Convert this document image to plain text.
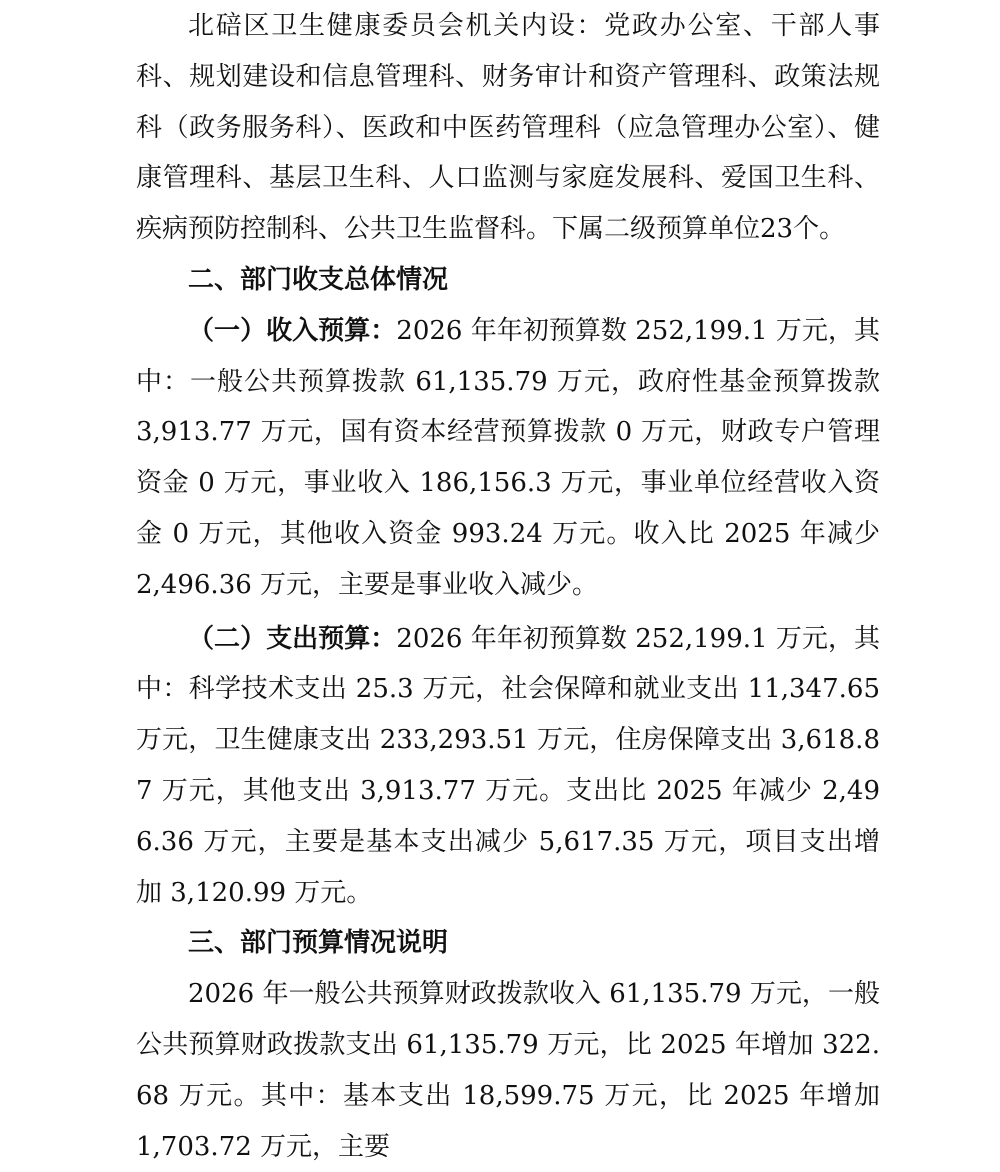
北碚区卫生健康委员会机关内设：党政办公室、干部人事科、规划建设和信息管理科、财务审计和资产管理科、政策法规科（政务服务科）、医政和中医药管理科（应急管理办公室）、健康管理科、基层卫生科、人口监测与家庭发展科、爱国卫生科、疾病预防控制科、公共卫生监督科。下属二级预算单位23个。

二、部门收支总体情况

（一）收入预算：2026 年年初预算数 252,199.1 万元，其中：一般公共预算拨款 61,135.79 万元，政府性基金预算拨款 3,913.77 万元，国有资本经营预算拨款 0 万元，财政专户管理资金 0 万元，事业收入 186,156.3 万元，事业单位经营收入资金 0 万元，其他收入资金 993.24 万元。收入比 2025 年减少 2,496.36 万元，主要是事业收入减少。

（二）支出预算：2026 年年初预算数 252,199.1 万元，其中：科学技术支出 25.3 万元，社会保障和就业支出 11,347.65 万元，卫生健康支出 233,293.51 万元，住房保障支出 3,618.87 万元，其他支出 3,913.77 万元。支出比 2025 年减少 2,496.36 万元，主要是基本支出减少 5,617.35 万元，项目支出增加 3,120.99 万元。

三、部门预算情况说明

2026 年一般公共预算财政拨款收入 61,135.79 万元，一般公共预算财政拨款支出 61,135.79 万元，比 2025 年增加 322.68 万元。其中：基本支出 18,599.75 万元，比 2025 年增加 1,703.72 万元，主要
